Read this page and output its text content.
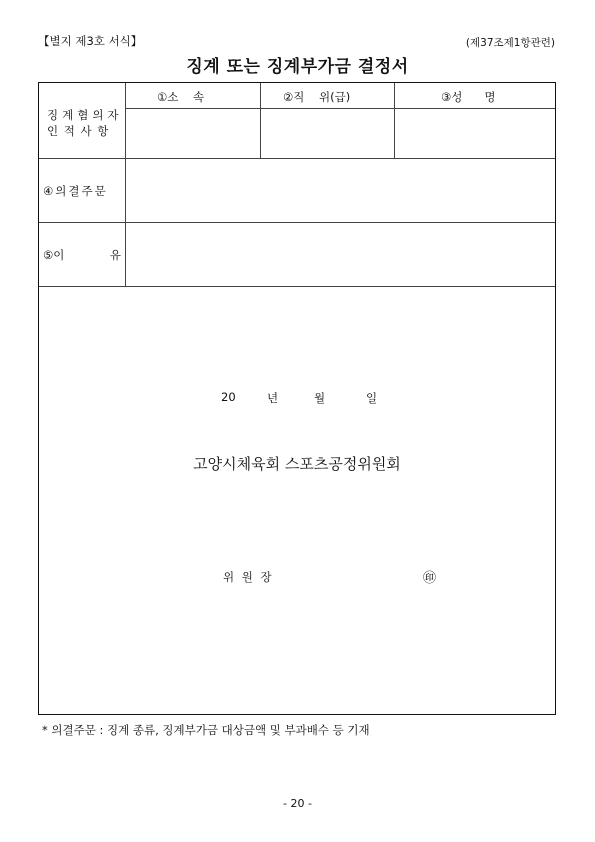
【별지 제3호 서식】	(제37조제1항관련)
징계 또는 징계부가금 결정서
징계혐의자
인 적 사 항
①소    속	②직    위(급)	③성      명
④의결주문
⑤이	유
20	년	월	일
고양시체육회 스포츠공정위원회
위 원 장	㊞
* 의결주문 : 징계 종류, 징계부가금 대상금액 및 부과배수 등 기재
- 20 -
